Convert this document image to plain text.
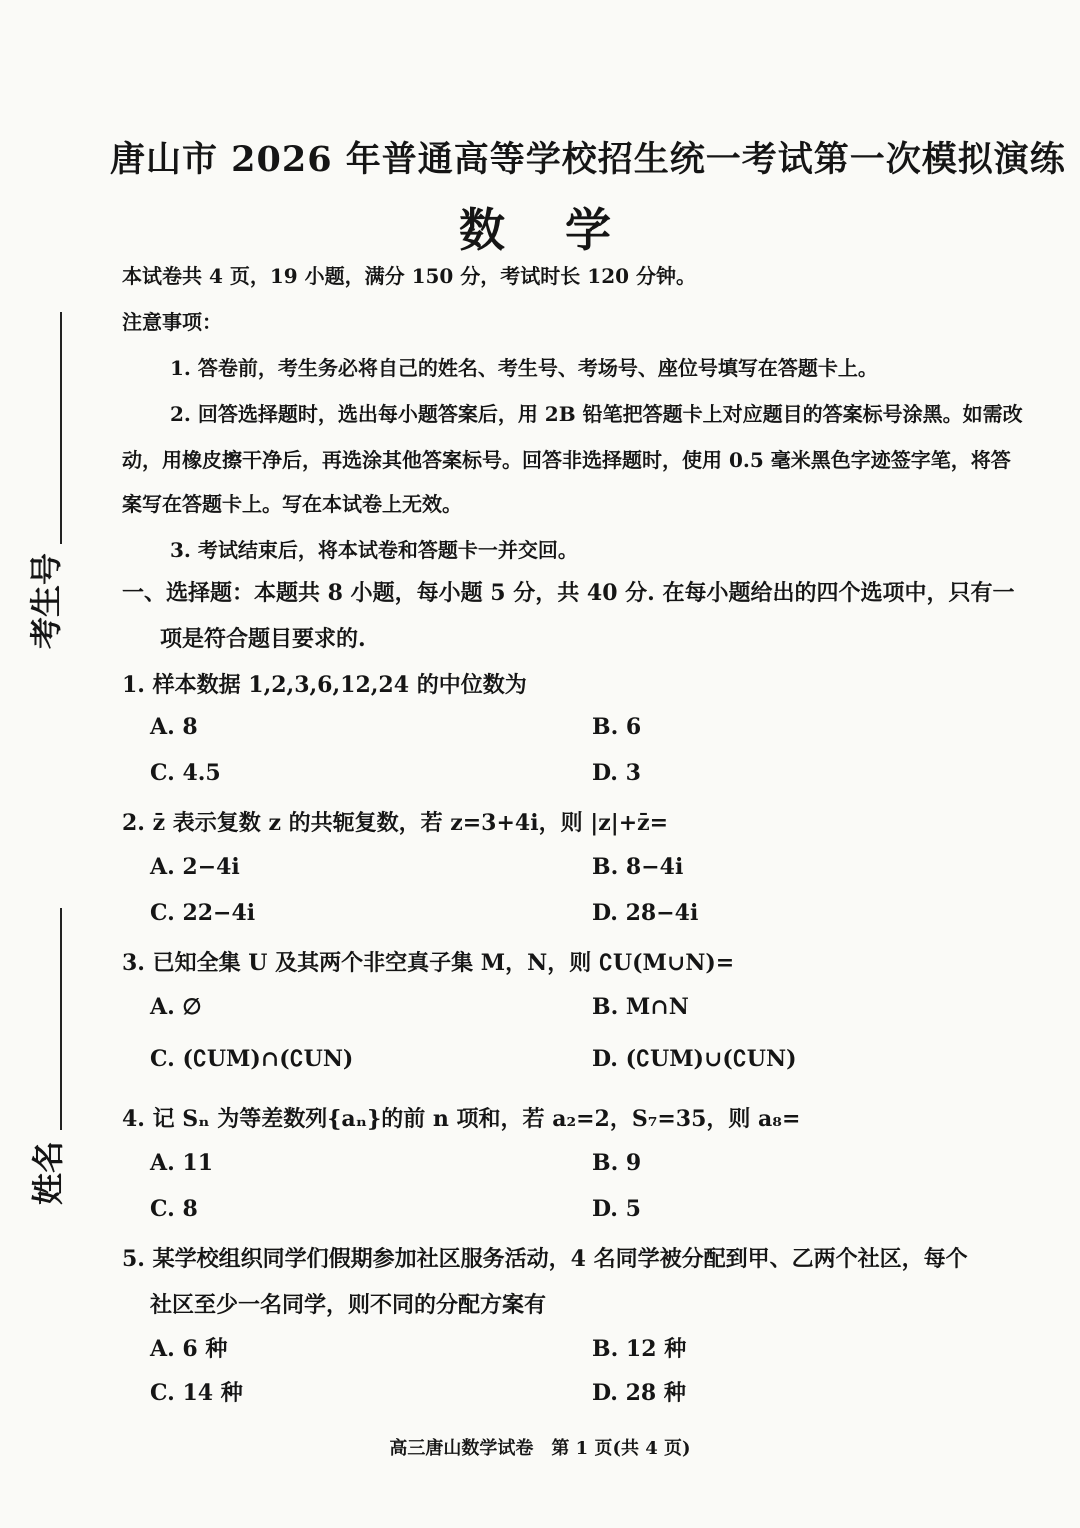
考生号
姓名
唐山市 2026 年普通高等学校招生统一考试第一次模拟演练
数学
本试卷共 4 页，19 小题，满分 150 分，考试时长 120 分钟。
注意事项：
1. 答卷前，考生务必将自己的姓名、考生号、考场号、座位号填写在答题卡上。
2. 回答选择题时，选出每小题答案后，用 2B 铅笔把答题卡上对应题目的答案标号涂黑。如需改
动，用橡皮擦干净后，再选涂其他答案标号。回答非选择题时，使用 0.5 毫米黑色字迹签字笔，将答
案写在答题卡上。写在本试卷上无效。
3. 考试结束后，将本试卷和答题卡一并交回。
一、选择题：本题共 8 小题，每小题 5 分，共 40 分. 在每小题给出的四个选项中，只有一
项是符合题目要求的.
1. 样本数据 1,2,3,6,12,24 的中位数为
A. 8	B. 6
C. 4.5	D. 3
2. z̄ 表示复数 z 的共轭复数，若 z=3+4i，则 |z|+z̄=
A. 2−4i	B. 8−4i
C. 22−4i	D. 28−4i
3. 已知全集 U 及其两个非空真子集 M，N，则 ∁U(M∪N)=
A. ∅	B. M∩N
C. (∁UM)∩(∁UN)	D. (∁UM)∪(∁UN)
4. 记 Sₙ 为等差数列{aₙ}的前 n 项和，若 a₂=2，S₇=35，则 a₈=
A. 11	B. 9
C. 8	D. 5
5. 某学校组织同学们假期参加社区服务活动，4 名同学被分配到甲、乙两个社区，每个
社区至少一名同学，则不同的分配方案有
A. 6 种	B. 12 种
C. 14 种	D. 28 种
高三唐山数学试卷　第 1 页(共 4 页)
